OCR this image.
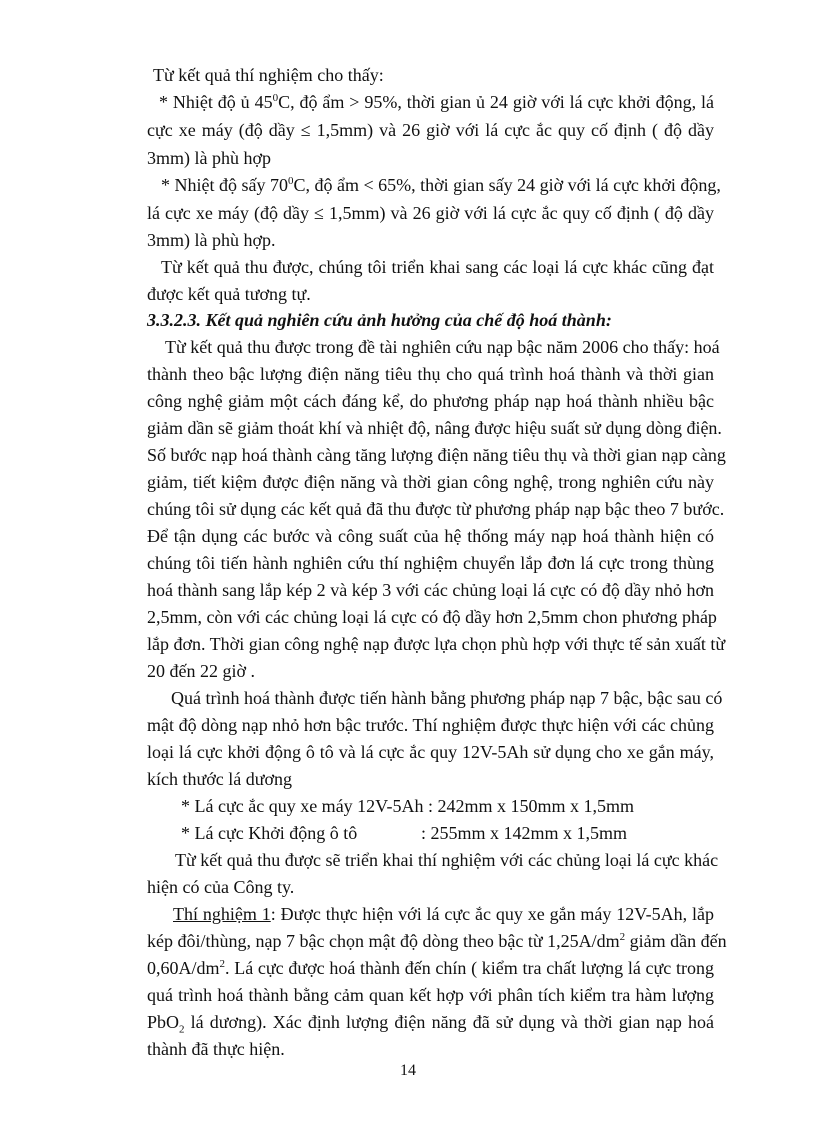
Từ kết quả thí nghiệm cho thấy:
* Nhiệt độ ủ $45^0C$, độ ẩm > 95%, thời gian ủ 24 giờ với lá cực khởi động, lá
cực xe máy (độ dầy ≤ 1,5mm) và 26 giờ với lá cực ắc quy cố định ( độ dầy
3mm) là phù hợp
* Nhiệt độ sấy $70^0C$, độ ẩm < 65%, thời gian sấy 24 giờ với lá cực khởi động,
lá cực xe máy (độ dầy ≤ 1,5mm) và 26 giờ với lá cực ắc quy cố định ( độ dầy
3mm) là phù hợp.
Từ kết quả thu được, chúng tôi triển khai sang các loại lá cực khác cũng đạt
được kết quả tương tự.
3.3.2.3. Kết quả nghiên cứu ảnh hưởng của chế độ hoá thành:
Từ kết quả thu được trong đề tài nghiên cứu nạp bậc năm 2006 cho thấy: hoá
thành theo bậc lượng điện năng tiêu thụ cho quá trình hoá thành và thời gian
công nghệ giảm một cách đáng kể, do phương pháp nạp hoá thành nhiều bậc
giảm dần sẽ giảm thoát khí và nhiệt độ, nâng được hiệu suất sử dụng dòng điện.
Số bước nạp hoá thành càng tăng lượng điện năng tiêu thụ và thời gian nạp càng
giảm, tiết kiệm được điện năng và thời gian công nghệ, trong nghiên cứu này
chúng tôi sử dụng các kết quả đã thu được từ phương pháp nạp bậc theo 7 bước.
Để tận dụng các bước và công suất của hệ thống máy nạp hoá thành hiện có
chúng tôi tiến hành nghiên cứu thí nghiệm chuyển lắp đơn lá cực trong thùng
hoá thành sang lắp kép 2 và kép 3 với các chủng loại lá cực có độ dầy nhỏ hơn
2,5mm, còn với các chủng loại lá cực có độ dầy hơn 2,5mm chon phương pháp
lắp đơn. Thời gian công nghệ nạp được lựa chọn phù hợp với thực tế sản xuất từ
20 đến 22 giờ .
Quá trình hoá thành được tiến hành bằng phương pháp nạp 7 bậc, bậc sau có
mật độ dòng nạp nhỏ hơn bậc trước. Thí nghiệm được thực hiện với các chủng
loại lá cực khởi động ô tô và lá cực ắc quy 12V-5Ah sử dụng cho xe gắn máy,
kích thước lá dương
* Lá cực ắc quy xe máy 12V-5Ah : 242mm x 150mm x 1,5mm
* Lá cực Khởi động ô tô	: 255mm x 142mm x 1,5mm
Từ kết quả thu được sẽ triển khai thí nghiệm với các chủng loại lá cực khác
hiện có của Công ty.
Thí nghiệm 1: Được thực hiện với lá cực ắc quy xe gắn máy 12V-5Ah, lắp
kép đôi/thùng, nạp 7 bậc chọn mật độ dòng theo bậc từ $1,25A/dm^2$ giảm dần đến
$0,60A/dm^2$. Lá cực được hoá thành đến chín ( kiểm tra chất lượng lá cực trong
quá trình hoá thành bằng cảm quan kết hợp với phân tích kiểm tra hàm lượng
PbO$_2$ lá dương). Xác định lượng điện năng đã sử dụng và thời gian nạp hoá
thành đã thực hiện.
14
